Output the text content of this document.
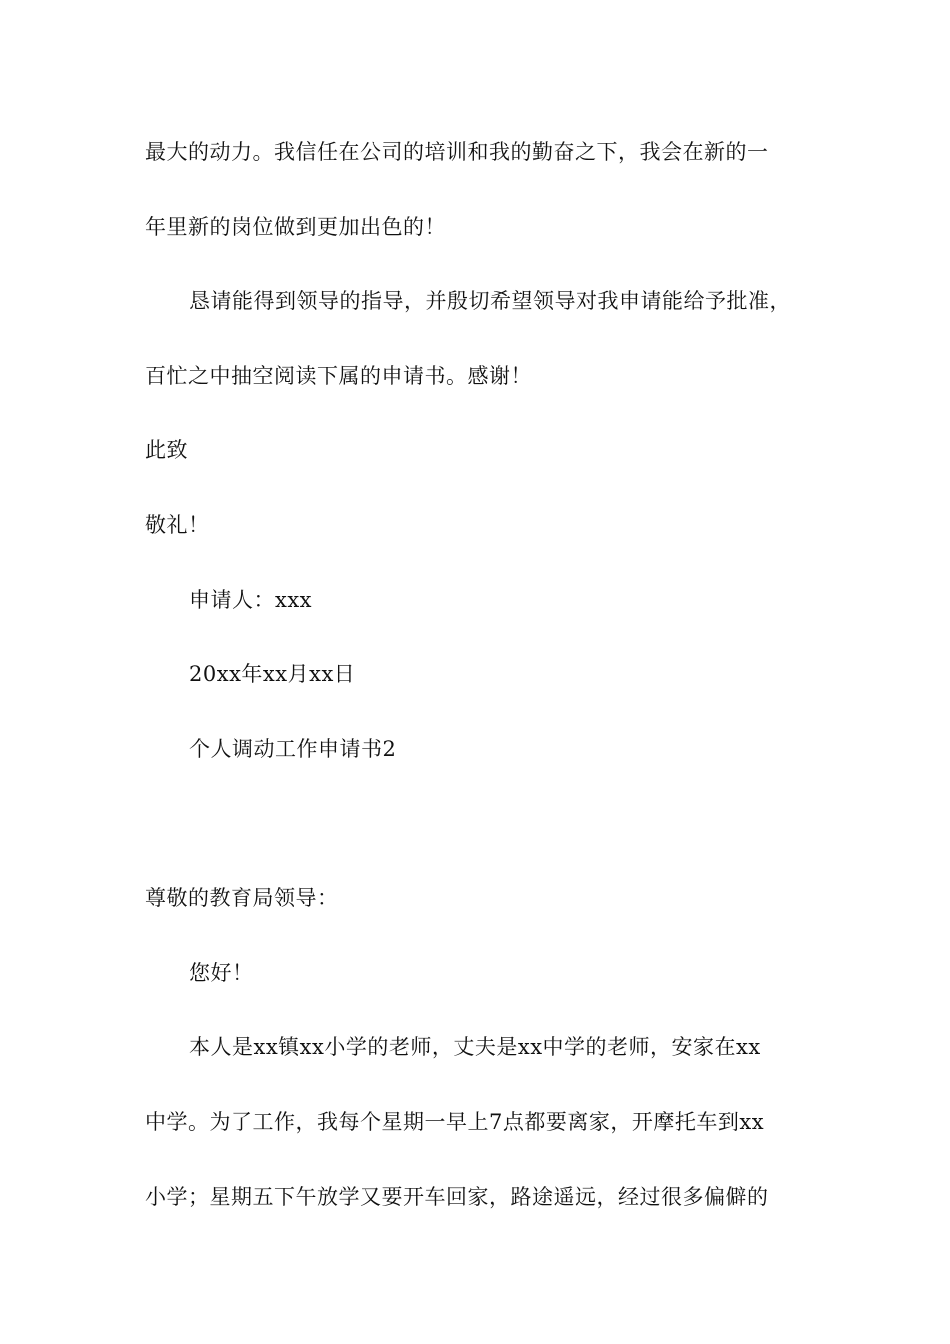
最大的动力。我信任在公司的培训和我的勤奋之下，我会在新的一
年里新的岗位做到更加出色的！
恳请能得到领导的指导，并殷切希望领导对我申请能给予批准，
百忙之中抽空阅读下属的申请书。感谢！
此致
敬礼！
申请人：xxx
20xx年xx月xx日
个人调动工作申请书2
尊敬的教育局领导：
您好！
本人是xx镇xx小学的老师，丈夫是xx中学的老师，安家在xx
中学。为了工作，我每个星期一早上7点都要离家，开摩托车到xx
小学；星期五下午放学又要开车回家，路途遥远，经过很多偏僻的
